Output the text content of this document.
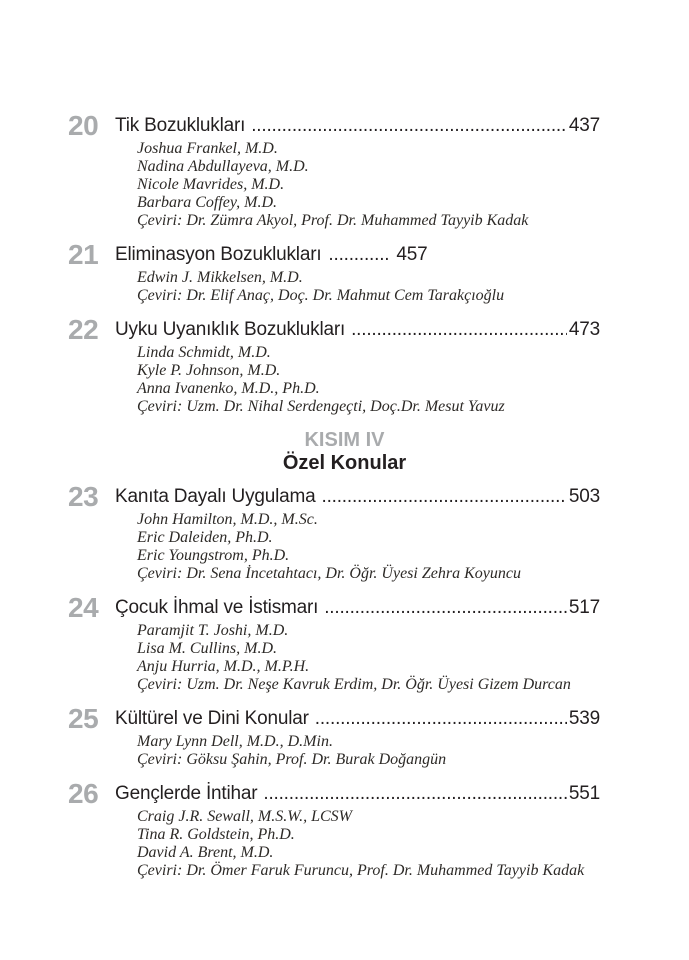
20 Tik Bozuklukları .....	437
Joshua Frankel, M.D.
Nadina Abdullayeva, M.D.
Nicole Mavrides, M.D.
Barbara Coffey, M.D.
Çeviri: Dr. Zümra Akyol, Prof. Dr. Muhammed Tayyib Kadak
21 Eliminasyon Bozuklukları .....	457
Edwin J. Mikkelsen, M.D.
Çeviri: Dr. Elif Anaç, Doç. Dr. Mahmut Cem Tarakçıoğlu
22 Uyku Uyanıklık Bozuklukları .....	473
Linda Schmidt, M.D.
Kyle P. Johnson, M.D.
Anna Ivanenko, M.D., Ph.D.
Çeviri: Uzm. Dr. Nihal Serdengeçti, Doç.Dr. Mesut Yavuz
KISIM IV
Özel Konular
23 Kanıta Dayalı Uygulama .....	503
John Hamilton, M.D., M.Sc.
Eric Daleiden, Ph.D.
Eric Youngstrom, Ph.D.
Çeviri: Dr. Sena İncetahtacı, Dr. Öğr. Üyesi Zehra Koyuncu
24 Çocuk İhmal ve İstismarı .....	517
Paramjit T. Joshi, M.D.
Lisa M. Cullins, M.D.
Anju Hurria, M.D., M.P.H.
Çeviri: Uzm. Dr. Neşe Kavruk Erdim, Dr. Öğr. Üyesi Gizem Durcan
25 Kültürel ve Dini Konular .....	539
Mary Lynn Dell, M.D., D.Min.
Çeviri: Göksu Şahin, Prof. Dr. Burak Doğangün
26 Gençlerde İntihar .....	551
Craig J.R. Sewall, M.S.W., LCSW
Tina R. Goldstein, Ph.D.
David A. Brent, M.D.
Çeviri: Dr. Ömer Faruk Furuncu, Prof. Dr. Muhammed Tayyib Kadak
